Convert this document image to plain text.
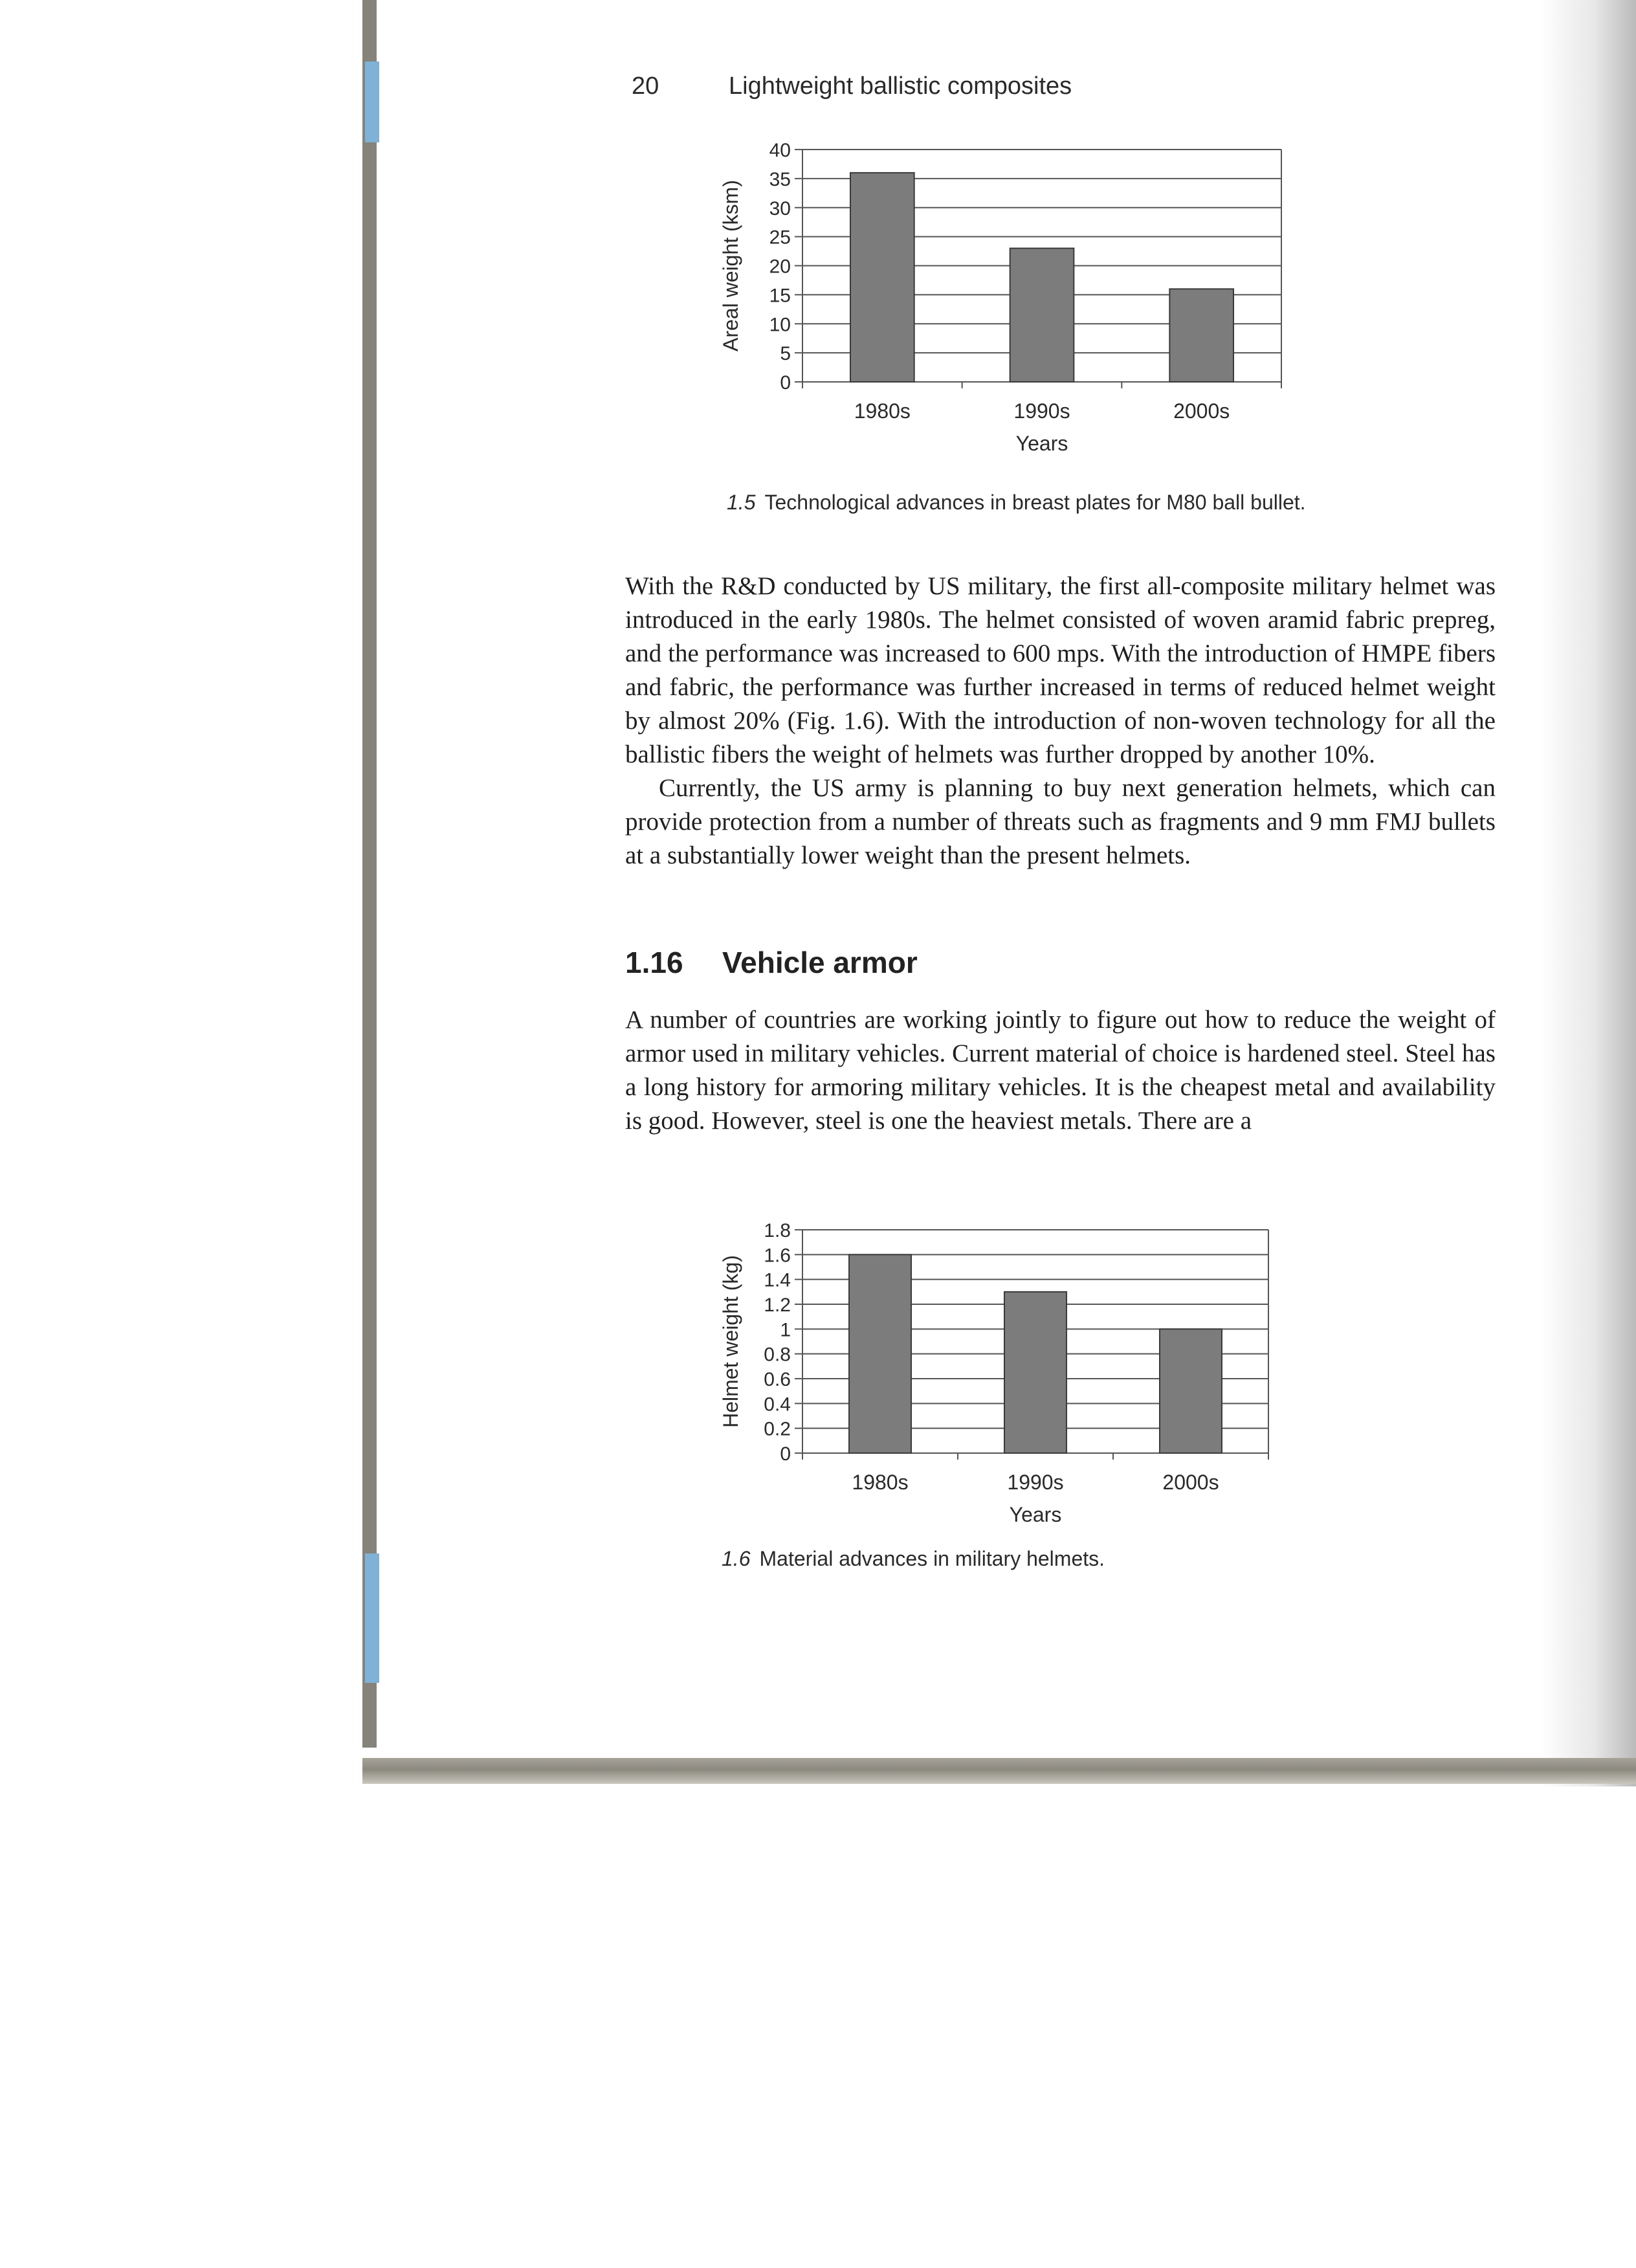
20	Lightweight ballistic composites
0
5
10
15
20
25
30
35
40
1980s	1990s	2000s
Years
Areal weight (ksm)
1.5 Technological advances in breast plates for M80 ball bullet.

With the R&D conducted by US military, the first all-composite military helmet was introduced in the early 1980s. The helmet consisted of woven aramid fabric prepreg, and the performance was increased to 600 mps. With the introduction of HMPE fibers and fabric, the performance was further increased in terms of reduced helmet weight by almost 20% (Fig. 1.6). With the introduction of non-woven technology for all the ballistic fibers the weight of helmets was further dropped by another 10%.

Currently, the US army is planning to buy next generation helmets, which can provide protection from a number of threats such as fragments and 9 mm FMJ bullets at a substantially lower weight than the present helmets.

1.16 Vehicle armor

A number of countries are working jointly to figure out how to reduce the weight of armor used in military vehicles. Current material of choice is hardened steel. Steel has a long history for armoring military vehicles. It is the cheapest metal and availability is good. However, steel is one the heaviest metals. There are a

0
0.2
0.4
0.6
0.8
1
1.2
1.4
1.6
1.8
1980s	1990s	2000s
Years
Helmet weight (kg)
1.6 Material advances in military helmets.
